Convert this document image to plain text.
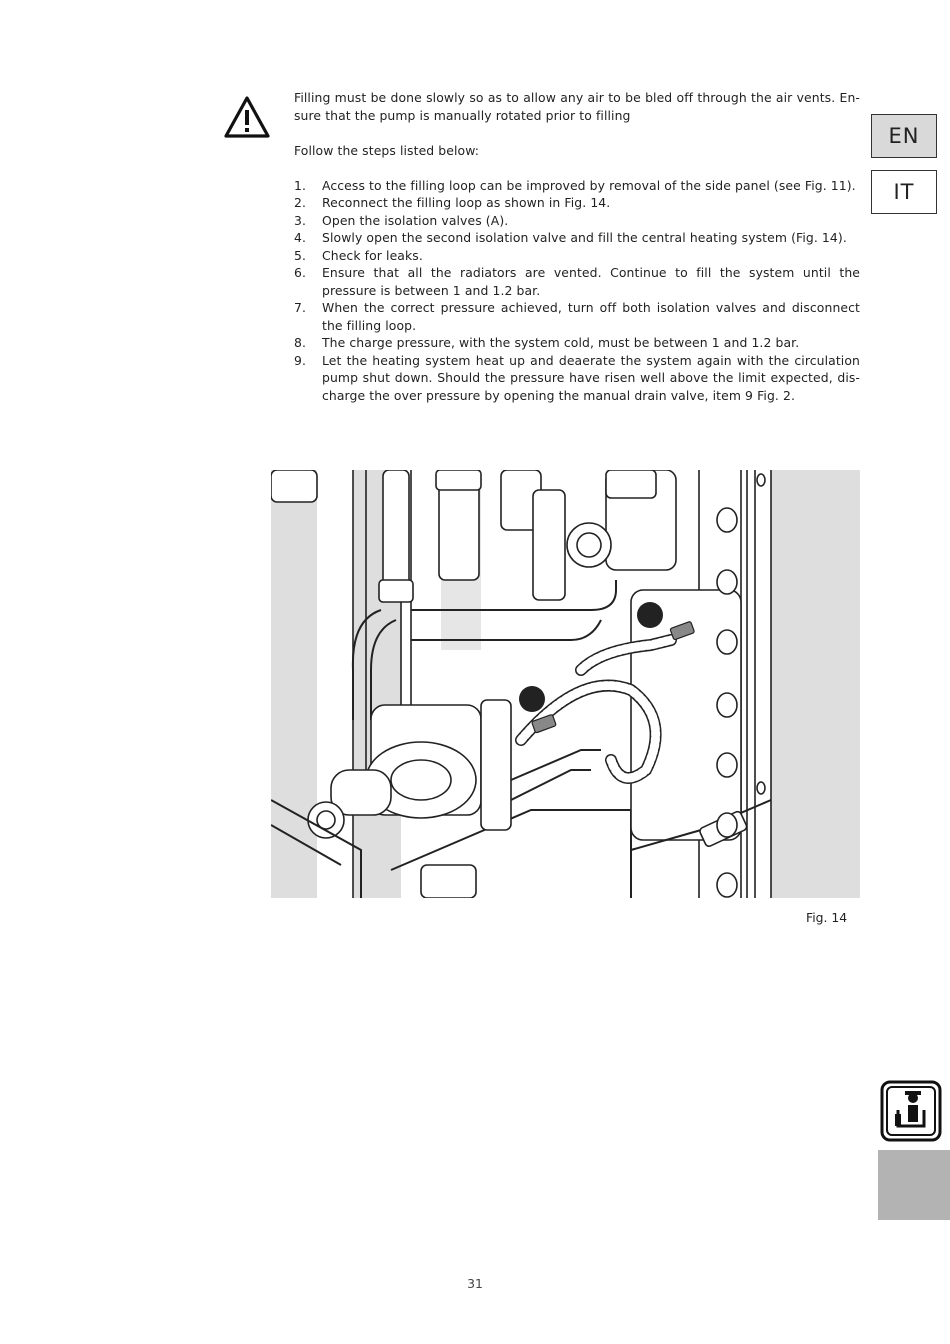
Filling must be done slowly so as to allow any air to be bled off through the air vents. En-sure that the pump is manually rotated prior to filling

Follow the steps listed below:

1.	Access to the filling loop can be improved by removal of the side panel (see Fig. 11).
2.	Reconnect the filling loop as shown in Fig. 14.
3.	Open the isolation valves (A).
4.	Slowly open the second isolation valve and fill the central heating system (Fig. 14).
5.	Check for leaks.
6.	Ensure that all the radiators are vented. Continue to fill the system until the pressure is between 1 and 1.2 bar.
7.	When the correct pressure achieved, turn off both isolation valves and disconnect the filling loop.
8.	The charge pressure, with the system cold, must be between 1 and 1.2 bar.
9.	Let the heating system heat up and deaerate the system again with the circulation pump shut down. Should the pressure have risen well above the limit expected, dis-charge the over pressure by opening the manual drain valve, item 9 Fig. 2.
EN
IT
Fig. 14
31
